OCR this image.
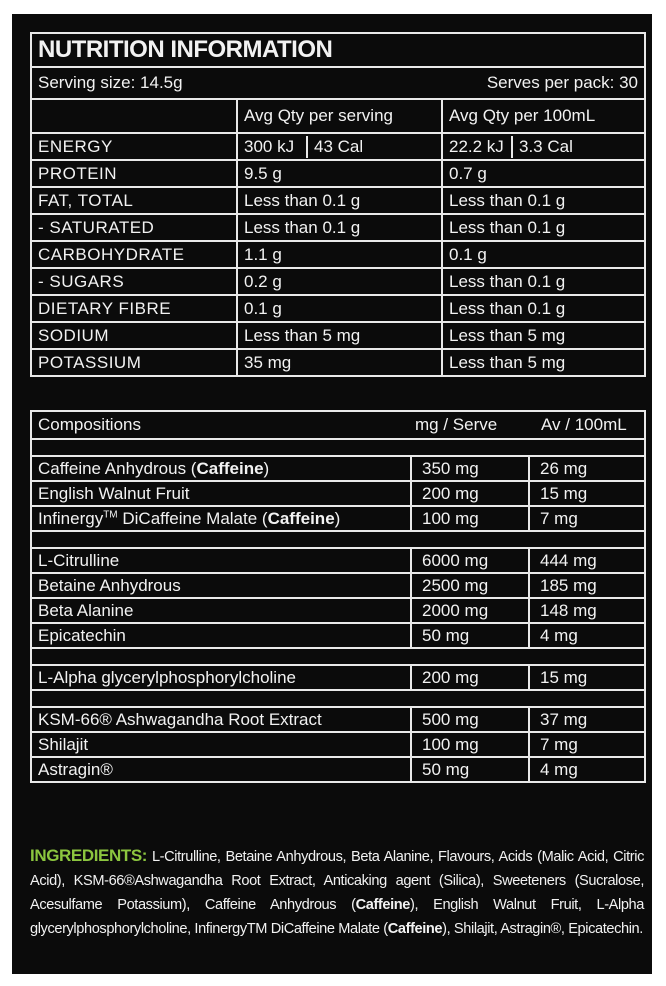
NUTRITION INFORMATION		

Serving size: 14.5g Serves per pack: 30		

	Avg Qty per serving	Avg Qty per 100mL
ENERGY	300 kJ 43 Cal	22.2 kJ 3.3 Cal

PROTEIN	9.5 g	0.7 g
FAT, TOTAL	Less than 0.1 g	Less than 0.1 g
- SATURATED	Less than 0.1 g	Less than 0.1 g
CARBOHYDRATE	1.1 g	0.1 g
- SUGARS	0.2 g	Less than 0.1 g
DIETARY FIBRE	0.1 g	Less than 0.1 g
SODIUM	Less than 5 mg	Less than 5 mg
POTASSIUM	35 mg	Less than 5 mg
Compositions	mg / Serve	Av / 100mL

Caffeine Anhydrous (Caffeine)	350 mg	26 mg
English Walnut Fruit	200 mg	15 mg
Infinergy™ DiCaffeine Malate (Caffeine)	100 mg	7 mg

L-Citrulline	6000 mg	444 mg
Betaine Anhydrous	2500 mg	185 mg
Beta Alanine	2000 mg	148 mg
Epicatechin	50 mg	4 mg

L-Alpha glycerylphosphorylcholine	200 mg	15 mg

KSM-66® Ashwagandha Root Extract	500 mg	37 mg
Shilajit	100 mg	7 mg
Astragin®	50 mg	4 mg
INGREDIENTS: L-Citrulline, Betaine Anhydrous, Beta Alanine, Flavours, Acids (Malic Acid, Citric Acid), KSM-66®Ashwagandha Root Extract, Anticaking agent (Silica), Sweeteners (Sucralose, Acesulfame Potassium), Caffeine Anhydrous (Caffeine), English Walnut Fruit, L-Alpha glycerylphosphorylcholine, InfinergyTM DiCaffeine Malate (Caffeine), Shilajit, Astragin®, Epicatechin.
